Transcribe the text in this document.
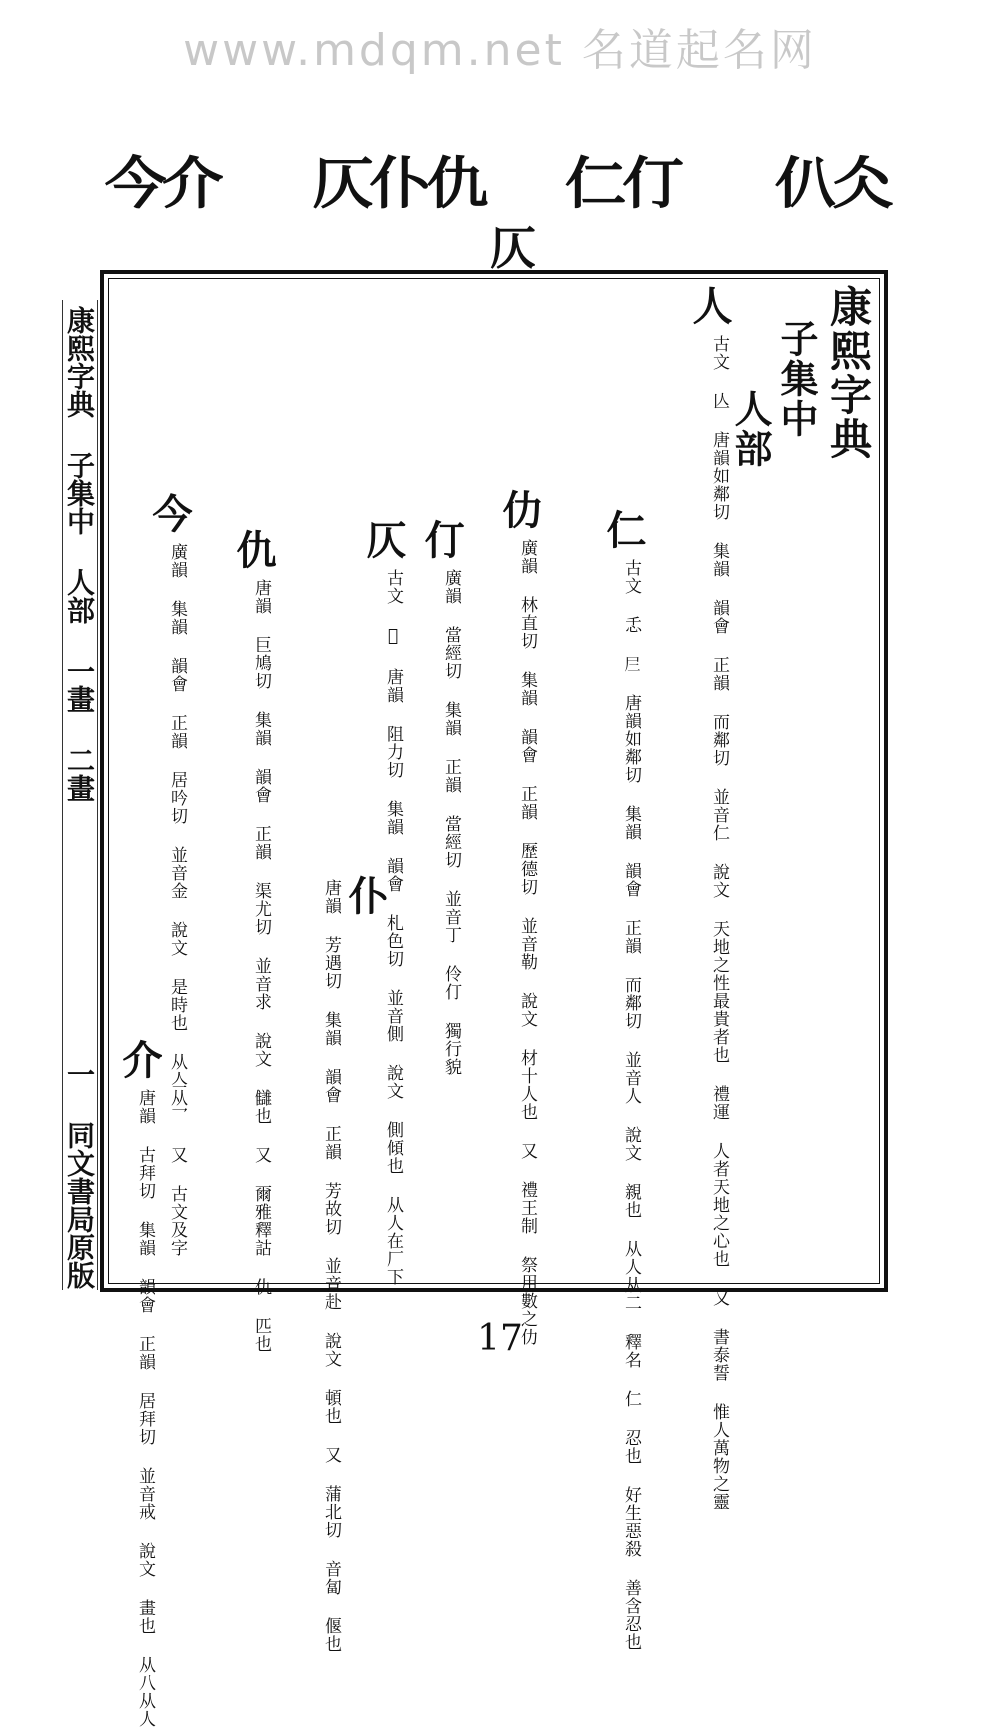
www.mdqm.net 名道起名网
仈仌
仁仃
仄仆仇
今介
仄
康熙字典
子集中
人部
人
古文 亾 唐韻如鄰切 集韻 韻會 正韻 而鄰切 並音仁 說文 天地之性最貴者也 禮運 人者天地之心也 又 書泰誓 惟人萬物之靈
仁
古文 忎 𡰥 唐韻如鄰切 集韻 韻會 正韻 而鄰切 並音人 說文 親也 从人从二 釋名 仁 忍也 好生惡殺 善含忍也
仂
廣韻 林直切 集韻 韻會 正韻 歷德切 並音勒 說文 材十人也 又 禮王制 祭用數之仂
仃
廣韻 當經切 集韻 正韻 當經切 並音丁 伶仃 獨行貌
仄
古文 𠆭 唐韻 阻力切 集韻 韻會 札色切 並音側 說文 側傾也 从人在厂下
仆
唐韻 芳遇切 集韻 韻會 正韻 芳故切 並音赴 說文 頓也 又 蒲北切 音匐 偃也
仇
唐韻 巨鳩切 集韻 韻會 正韻 渠尤切 並音求 說文 讎也 又 爾雅釋詁 仇 匹也
今
廣韻 集韻 韻會 正韻 居吟切 並音金 說文 是時也 从亼从乛 又 古文及字
介
唐韻 古拜切 集韻 韻會 正韻 居拜切 並音戒 說文 畫也 从八从人
康熙字典 子集中 人部 一畫 二畫
一 同文書局原版
17
